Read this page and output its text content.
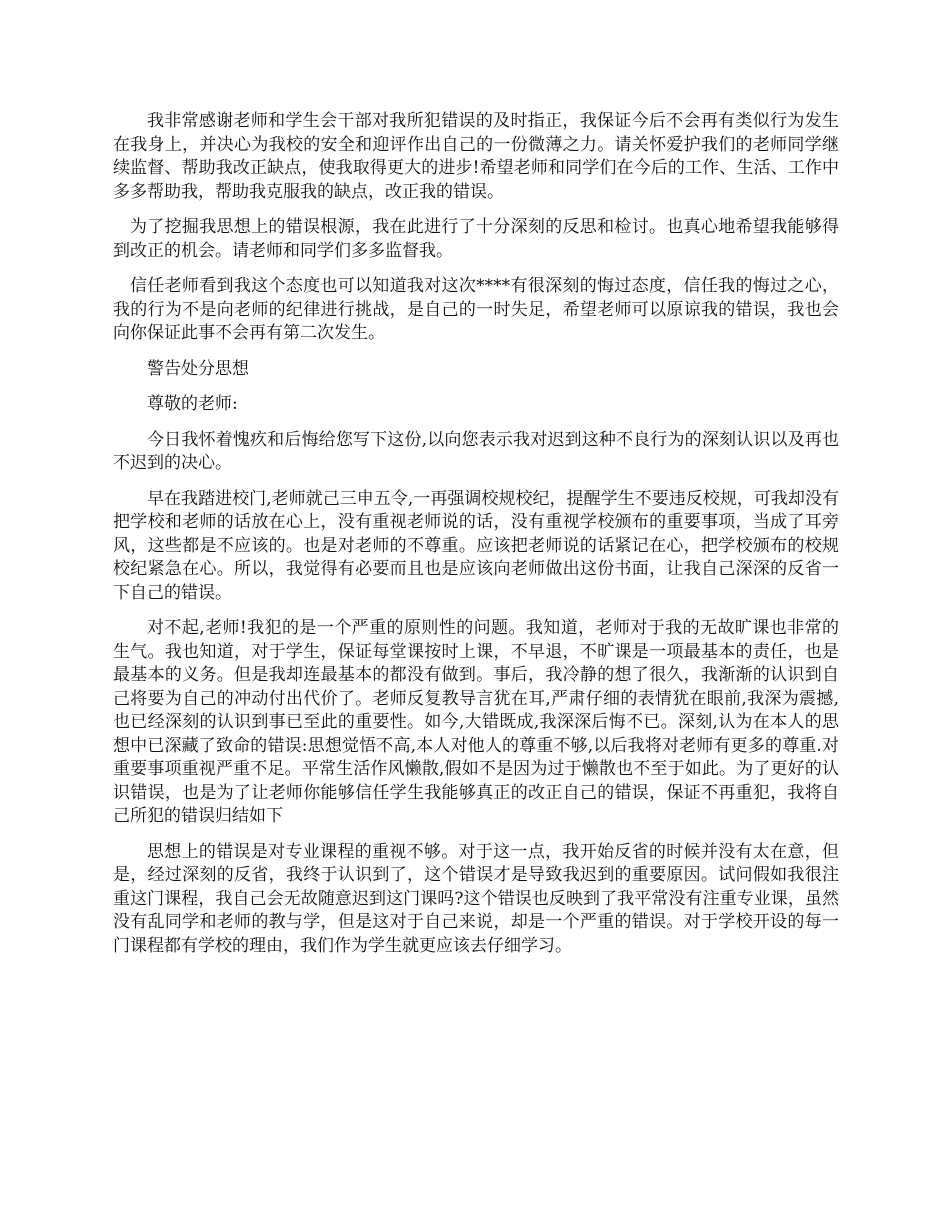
我非常感谢老师和学生会干部对我所犯错误的及时指正，我保证今后不会再有类似行为发生在我身上，并决心为我校的安全和迎评作出自己的一份微薄之力。请关怀爱护我们的老师同学继续监督、帮助我改正缺点，使我取得更大的进步!希望老师和同学们在今后的工作、生活、工作中多多帮助我，帮助我克服我的缺点，改正我的错误。

为了挖掘我思想上的错误根源，我在此进行了十分深刻的反思和检讨。也真心地希望我能够得到改正的机会。请老师和同学们多多监督我。

信任老师看到我这个态度也可以知道我对这次****有很深刻的悔过态度，信任我的悔过之心，我的行为不是向老师的纪律进行挑战，是自己的一时失足，希望老师可以原谅我的错误，我也会向你保证此事不会再有第二次发生。

警告处分思想

尊敬的老师:

今日我怀着愧疚和后悔给您写下这份,以向您表示我对迟到这种不良行为的深刻认识以及再也不迟到的决心。

早在我踏进校门,老师就己三申五令,一再强调校规校纪，提醒学生不要违反校规，可我却没有把学校和老师的话放在心上，没有重视老师说的话，没有重视学校颁布的重要事项，当成了耳旁风，这些都是不应该的。也是对老师的不尊重。应该把老师说的话紧记在心，把学校颁布的校规校纪紧急在心。所以，我觉得有必要而且也是应该向老师做出这份书面，让我自己深深的反省一下自己的错误。

对不起,老师!我犯的是一个严重的原则性的问题。我知道，老师对于我的无故旷课也非常的生气。我也知道，对于学生，保证每堂课按时上课，不早退，不旷课是一项最基本的责任，也是最基本的义务。但是我却连最基本的都没有做到。事后，我冷静的想了很久，我渐渐的认识到自己将要为自己的冲动付出代价了。老师反复教导言犹在耳,严肃仔细的表情犹在眼前,我深为震撼,也已经深刻的认识到事已至此的重要性。如今,大错既成,我深深后悔不已。深刻,认为在本人的思想中已深藏了致命的错误:思想觉悟不高,本人对他人的尊重不够,以后我将对老师有更多的尊重.对重要事项重视严重不足。平常生活作风懒散,假如不是因为过于懒散也不至于如此。为了更好的认识错误，也是为了让老师你能够信任学生我能够真正的改正自己的错误，保证不再重犯，我将自己所犯的错误归结如下

思想上的错误是对专业课程的重视不够。对于这一点，我开始反省的时候并没有太在意，但是，经过深刻的反省，我终于认识到了，这个错误才是导致我迟到的重要原因。试问假如我很注重这门课程，我自己会无故随意迟到这门课吗?这个错误也反映到了我平常没有注重专业课，虽然没有乱同学和老师的教与学，但是这对于自己来说，却是一个严重的错误。对于学校开设的每一门课程都有学校的理由，我们作为学生就更应该去仔细学习。
